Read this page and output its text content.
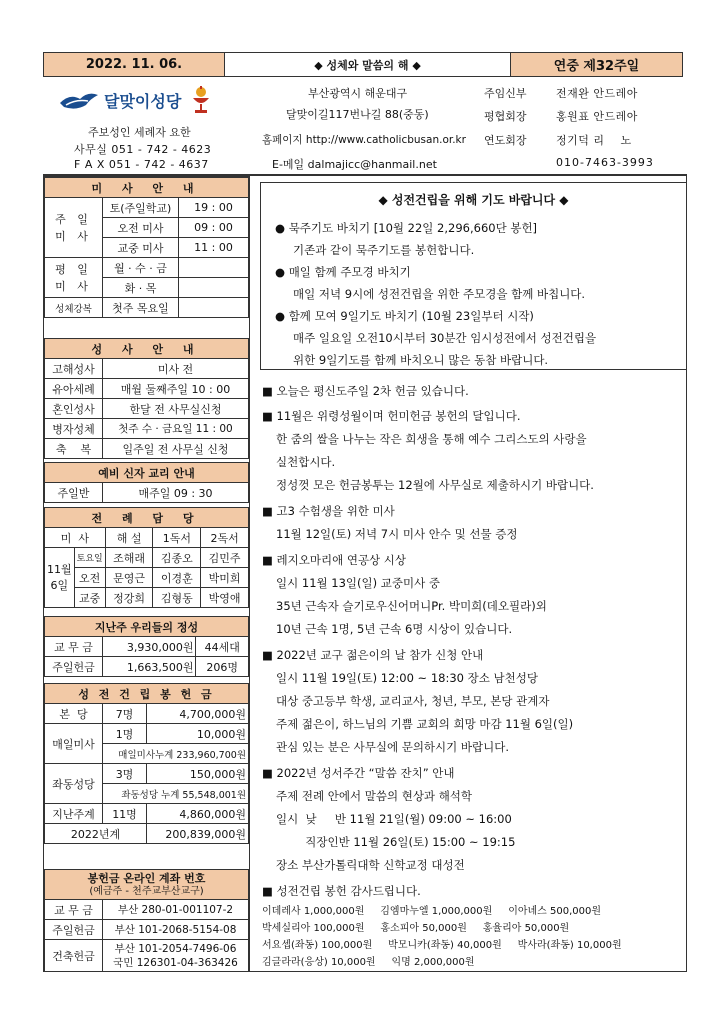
2022. 11. 06.	◆ 성체와 말씀의 해 ◆	연중 제32주일
달맞이성당
주보성인 세례자 요한
사무실 051 - 742 - 4623
F A X 051 - 742 - 4637
부산광역시 해운대구
달맞이길117번나길 88(중동)
홈페이지 http://www.catholicbusan.or.kr
E-메일 dalmajicc@hanmail.net
주임신부	전재완 안드레아
평협회장	홍원표 안드레아
연도회장	정기덕 리    노
010-7463-3993
미 사 안 내		
주 일
미 사	토(주일학교)	19 : 00
	오전 미사	09 : 00
	교중 미사	11 : 00
평 일
미 사	월 · 수 · 금	
	화 · 목	
성체강복	첫주 목요일	
성 사 안 내	
고해성사	미사 전
유아세례	매월 둘째주일 10 : 00
혼인성사	한달 전 사무실신청
병자성체	첫주 수 · 금요일 11 : 00
축    복	일주일 전 사무실 신청
예비 신자 교리 안내
주일반	매주일 09 : 30
전 례 담 당				
미  사		해 설	1독서	2독서
11월
6일	토요일	조해래	김종오	김민주
	오전	문영근	이경훈	박미희
	교중	정강희	김형동	박영애
지난주 우리들의 정성		
교 무 금	3,930,000원	44세대
주일헌금	1,663,500원	206명
성 전 건 립 봉 헌 금		
본  당	7명	4,700,000원
매일미사	1명	10,000원
	매일미사누계 233,960,700원	
좌동성당	3명	150,000원
	좌동성당 누계 55,548,001원	
지난주계	11명	4,860,000원
2022년계		200,839,000원
봉헌금 온라인 계좌 번호
(예금주 - 천주교부산교구)	

교 무 금	부산 280-01-001107-2
주일헌금	부산 101-2068-5154-08
건축헌금	부산 101-2054-7496-06
국민 126301-04-363426
◆ 성전건립을 위해 기도 바랍니다 ◆
● 묵주기도 바치기 [10월 22일 2,296,660단 봉헌]
기존과 같이 묵주기도를 봉헌합니다.
● 매일 함께 주모경 바치기
매일 저녁 9시에 성전건립을 위한 주모경을 함께 바칩니다.
● 함께 모여 9일기도 바치기 (10월 23일부터 시작)
매주 일요일 오전10시부터 30분간 임시성전에서 성전건립을
위한 9일기도를 함께 바치오니 많은 동참 바랍니다.
■ 오늘은 평신도주일 2차 헌금 있습니다.
■ 11월은 위령성월이며 헌미헌금 봉헌의 달입니다.
한 줌의 쌀을 나누는 작은 희생을 통해 예수 그리스도의 사랑을
실천합시다.
정성껏 모은 헌금봉투는 12월에 사무실로 제출하시기 바랍니다.
■ 고3 수험생을 위한 미사
11월 12일(토) 저녁 7시 미사 안수 및 선물 증정
■ 레지오마리애 연공상 시상
일시 11월 13일(일) 교중미사 중
35년 근속자 슬기로우신어머니Pr. 박미희(데오필라)외
10년 근속 1명, 5년 근속 6명 시상이 있습니다.
■ 2022년 교구 젊은이의 날 참가 신청 안내
일시 11월 19일(토) 12:00 ~ 18:30 장소 남천성당
대상 중고등부 학생, 교리교사, 청년, 부모, 본당 관계자
주제 젊은이, 하느님의 기쁨 교회의 희망 마감 11월 6일(일)
관심 있는 분은 사무실에 문의하시기 바랍니다.
■ 2022년 성서주간 “말씀 잔치” 안내
주제 전례 안에서 말씀의 현상과 해석학
일시  낮     반 11월 21일(월) 09:00 ~ 16:00
직장인반 11월 26일(토) 15:00 ~ 19:15
장소 부산가톨릭대학 신학교정 대성전
■ 성전건립 봉헌 감사드립니다.
이데레사 1,000,000원     김엠마누엘 1,000,000원     이아녜스 500,000원
박세실리아 100,000원     홍소피아 50,000원     홍율리아 50,000원
서요셉(좌동) 100,000원     박모니카(좌동) 40,000원     박사라(좌동) 10,000원
김글라라(응상) 10,000원     익명 2,000,000원
